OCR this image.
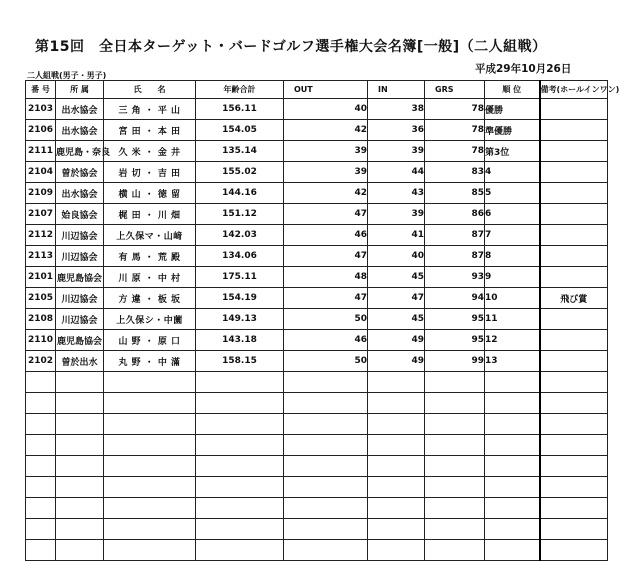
第15回　全日本ターゲット・バードゴルフ選手権大会名簿[一般]（二人組戦）
平成29年10月26日
二人組戦(男子・男子)
番 号	所 属	氏　　名	年齢合計	OUT	IN	GRS	順 位	備考(ホールインワン)
2103	出水協会	三 角 ・ 平 山	156.11	40	38	78	優勝	
2106	出水協会	宮 田 ・ 本 田	154.05	42	36	78	準優勝	
2111	鹿児島・奈良	久 米 ・ 金 井	135.14	39	39	78	第3位	
2104	曽於協会	岩 切 ・ 吉 田	155.02	39	44	83	4	
2109	出水協会	横 山 ・ 徳 留	144.16	42	43	85	5	
2107	姶良協会	梶 田 ・ 川 畑	151.12	47	39	86	6	
2112	川辺協会	上久保マ・山﨑	142.03	46	41	87	7	
2113	川辺協会	有 馬 ・ 荒 殿	134.06	47	40	87	8	
2101	鹿児島協会	川 原 ・ 中 村	175.11	48	45	93	9	
2105	川辺協会	方 違 ・ 板 坂	154.19	47	47	94	10	飛び賞
2108	川辺協会	上久保シ・中薗	149.13	50	45	95	11	
2110	鹿児島協会	山 野 ・ 原 口	143.18	46	49	95	12	
2102	曽於出水	丸 野 ・ 中 滿	158.15	50	49	99	13	
